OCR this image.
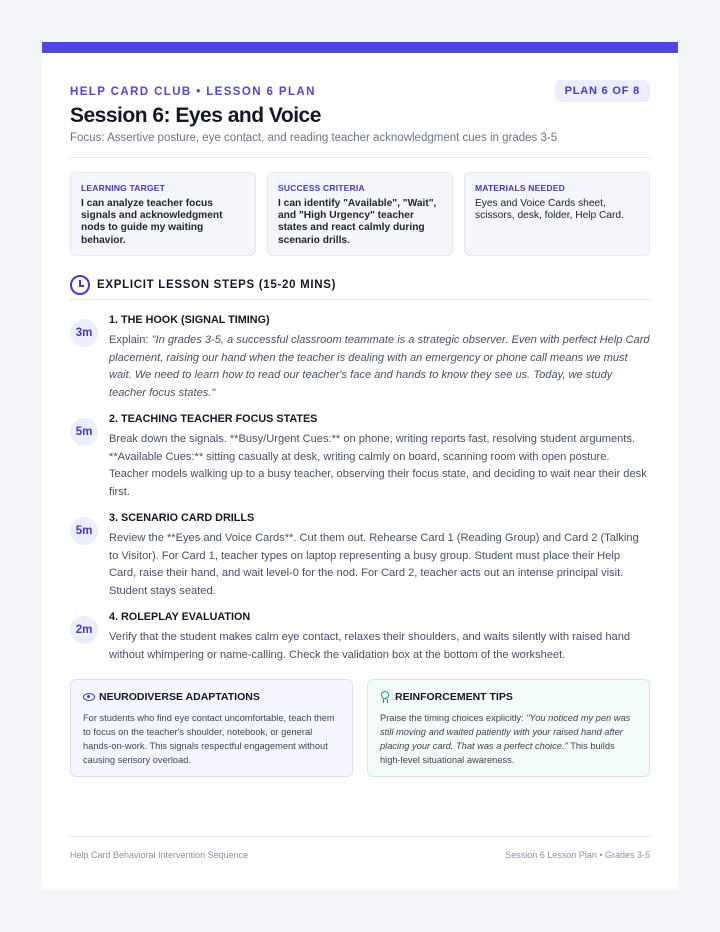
HELP CARD CLUB • LESSON 6 PLAN	PLAN 6 OF 8
Session 6: Eyes and Voice
Focus: Assertive posture, eye contact, and reading teacher acknowledgment cues in grades 3-5
LEARNING TARGET
I can analyze teacher focus signals and acknowledgment nods to guide my waiting behavior.
SUCCESS CRITERIA
I can identify "Available", "Wait", and "High Urgency" teacher states and react calmly during scenario drills.
MATERIALS NEEDED
Eyes and Voice Cards sheet, scissors, desk, folder, Help Card.
EXPLICIT LESSON STEPS (15-20 MINS)
3m
1. THE HOOK (SIGNAL TIMING)
Explain: "In grades 3-5, a successful classroom teammate is a strategic observer. Even with perfect Help Card placement, raising our hand when the teacher is dealing with an emergency or phone call means we must wait. We need to learn how to read our teacher's face and hands to know they see us. Today, we study teacher focus states."
5m
2. TEACHING TEACHER FOCUS STATES
Break down the signals. **Busy/Urgent Cues:** on phone, writing reports fast, resolving student arguments. **Available Cues:** sitting casually at desk, writing calmly on board, scanning room with open posture. Teacher models walking up to a busy teacher, observing their focus state, and deciding to wait near their desk first.
5m
3. SCENARIO CARD DRILLS
Review the **Eyes and Voice Cards**. Cut them out. Rehearse Card 1 (Reading Group) and Card 2 (Talking to Visitor). For Card 1, teacher types on laptop representing a busy group. Student must place their Help Card, raise their hand, and wait level-0 for the nod. For Card 2, teacher acts out an intense principal visit. Student stays seated.
2m
4. ROLEPLAY EVALUATION
Verify that the student makes calm eye contact, relaxes their shoulders, and waits silently with raised hand without whimpering or name-calling. Check the validation box at the bottom of the worksheet.
NEURODIVERSE ADAPTATIONS
For students who find eye contact uncomfortable, teach them to focus on the teacher's shoulder, notebook, or general hands-on-work. This signals respectful engagement without causing sensory overload.
REINFORCEMENT TIPS
Praise the timing choices explicitly: "You noticed my pen was still moving and waited patiently with your raised hand after placing your card. That was a perfect choice." This builds high-level situational awareness.
Help Card Behavioral Intervention Sequence	Session 6 Lesson Plan • Grades 3-5
